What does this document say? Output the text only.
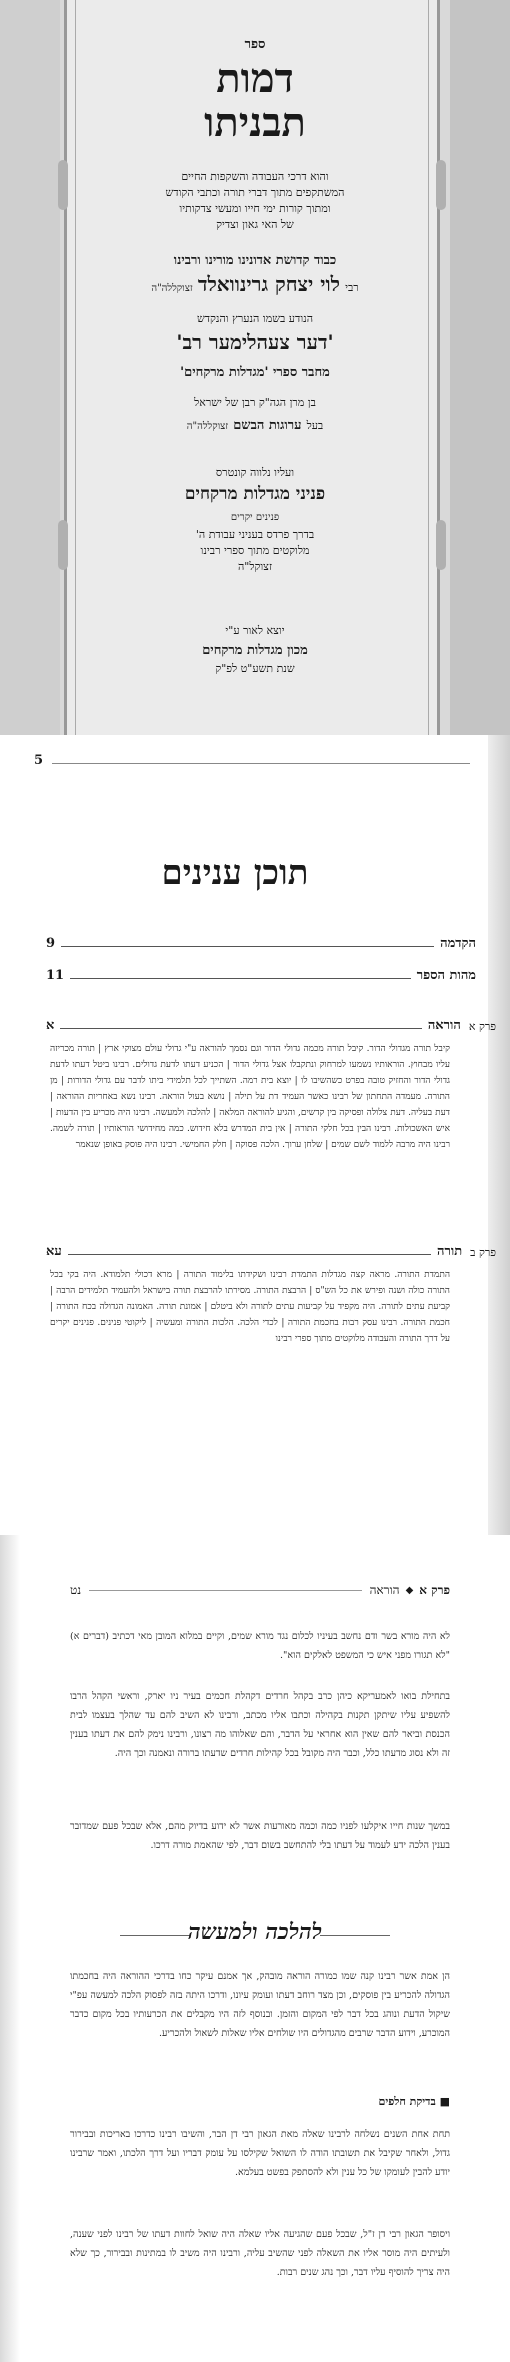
ספר
דמות
תבניתו
והוא דרכי העבודה והשקפות החיים
המשתקפים מתוך דברי תורה וכתבי הקודש
ומתוך קורות ימי חייו ומעשי צדקותיו
של האי גאון וצדיק
כבוד קדושת אדונינו מורינו ורבינו
רבי לוי יצחק גרינוואלד זצוקללה"ה
הנודע בשמו הנערץ והנקדש
'דער צעהלימער רב'
מחבר ספרי 'מגדלות מרקחים'
בן מרן הגה"ק רבן של ישראל
בעל ערוגות הבשם זצוקללה"ה
ועליו נלווה קונטרס
פניני מגדלות מרקחים
פנינים יקרים
בדרך פרדס בעניני עבודת ה'
מלוקטים מתוך ספרי רבינו
זצוקל"ה
יוצא לאור ע"י
מכון מגדלות מרקחים
שנת תשע"ט לפ"ק
5
תוכן ענינים
הקדמה
9
מהות הספר
11
פרק א
הוראה
א
קיבל תורה מגדולי הדור. קיבל תורה מכמה גדולי הדור וגם נסמך להוראה ע"י גדולי עולם מצוקי ארץ | תורה מכריזה עליו מבחוץ. הוראותיו נשמעו למרחוק ונתקבלו אצל גדולי הדור | הכניע דעתו לדעת גדולים. רבינו ביטל דעתו לדעת גדולי הדור והחזיק טובה בפרט כשהשיבו לו | יוצא בית רמה. השתייך לכל תלמידי ביתו לדבר עם גדולי הדורות | מן התורה. מעמדה התחתון של רבינו כאשר העמיד דת על תילה | נושא בעול הוראה. רבינו נשא באחריות ההוראה | דעת בעליה. דעת צלולה ופסיקה בין קדשים, והגיע להוראה המלאה | להלכה ולמעשה. רבינו היה מכריע בין הדעות | איש האשכולות. רבינו הבין בכל חלקי התורה | אין בית המדרש בלא חידוש. כמה מחידושי הוראותיו | תורה לשמה. רבינו היה מרבה ללמוד לשם שמים | שלחן ערוך. הלכה פסוקה | חלק החמישי. רבינו היה פוסק באופן שנאמר
פרק ב
תורה
עא
התמדת התורה. מראה קצה מגדלות התמדת רבינו ושקידתו בלימוד התורה | מרא דכולי תלמודא. היה בקי בכל התורה כולה ושנה ופירש את כל הש"ס | הרבצת התורה. מסירתו להרבצת תורה בישראל ולהעמיד תלמידים הרבה | קביעת עתים לתורה. היה מקפיד על קביעות עתים לתורה ולא ביטלם | אמונת תורה. האמונה הגדולה בכח התורה | חכמת התורה. רבינו עסק רבות בחכמת התורה | לכדי הלכה. הלכות התורה ומעשיה | ליקוטי פנינים. פנינים יקרים על דרך התורה והעבודה מלוקטים מתוך ספרי רבינו
פרק א
◆
הוראה
נט
לא היה מורא בשר ודם נחשב בעיניו לכלום נגד מורא שמים, וקיים במלוא המובן מאי דכתיב (דברים א) "לא תגורו מפני איש כי המשפט לאלקים הוא".
בתחילת בואו לאמעריקא כיהן כרב בקהל חרדים דקהלת חכמים בעיר ניו יארק, וראשי הקהל הרבו להשפיע עליו שיתקן תקנות בקהילה וכתבו אליו מכתב, ורבינו לא השיב להם עד שהלך בעצמו לבית הכנסת וביאר להם שאין הוא אחראי על הדבר, והם שאלוהו מה רצונו, ורבינו נימק להם את דעתו בענין זה ולא נסוג מדעתו כלל, וכבר היה מקובל בכל קהילות חרדים שדעתו ברורה ונאמנה וכך היה.
במשך שנות חייו איקלעו לפניו כמה וכמה מאורעות אשר לא ידוע בדיוק מהם, אלא שבכל פעם שמדובר בענין הלכה ידע לעמוד על דעתו בלי להתחשב בשום דבר, לפי שהאמת מורה דרכו.
להלכה ולמעשה
הן אמת אשר רבינו קנה שמו כמורה הוראה מובהק, אך אמנם עיקר כחו בדרכי ההוראה היה בחכמתו הגדולה להכריע בין פוסקים, וכן מצד רוחב דעתו ועומק עיונו, ודרכו היתה בזה לפסוק הלכה למעשה עפ"י שיקול הדעת ונוהג בכל דבר לפי המקום והזמן. ובנוסף לזה היו מקבלים את הכרעותיו בכל מקום כדבר המוכרע, וידוע הדבר שרבים מהגדולים היו שולחים אליו שאלות לשאול ולהכריע.
■ בדיקת חלפים
תחת אחת השנים נשלחה לרבינו שאלה מאת הגאון רבי דן הבר, והשיבו רבינו כדרכו באריכות ובבירור גדול, ולאחר שקיבל את תשובתו הודה לו השואל שקילסו על עומק דבריו ועל דרך הלכתו, ואמר שרבינו יודע להבין לעומקו של כל ענין ולא להסתפק בפשט בעלמא.
ויסופר הגאון רבי דן ז"ל, שבכל פעם שהגיעה אליו שאלה היה שואל לחוות דעתו של רבינו לפני שענה, ולעיתים היה מוסר אליו את השאלה לפני שהשיב עליה, ורבינו היה משיב לו במתינות ובבירור, כך שלא היה צריך להוסיף עליו דבר, וכך נהג שנים רבות.
